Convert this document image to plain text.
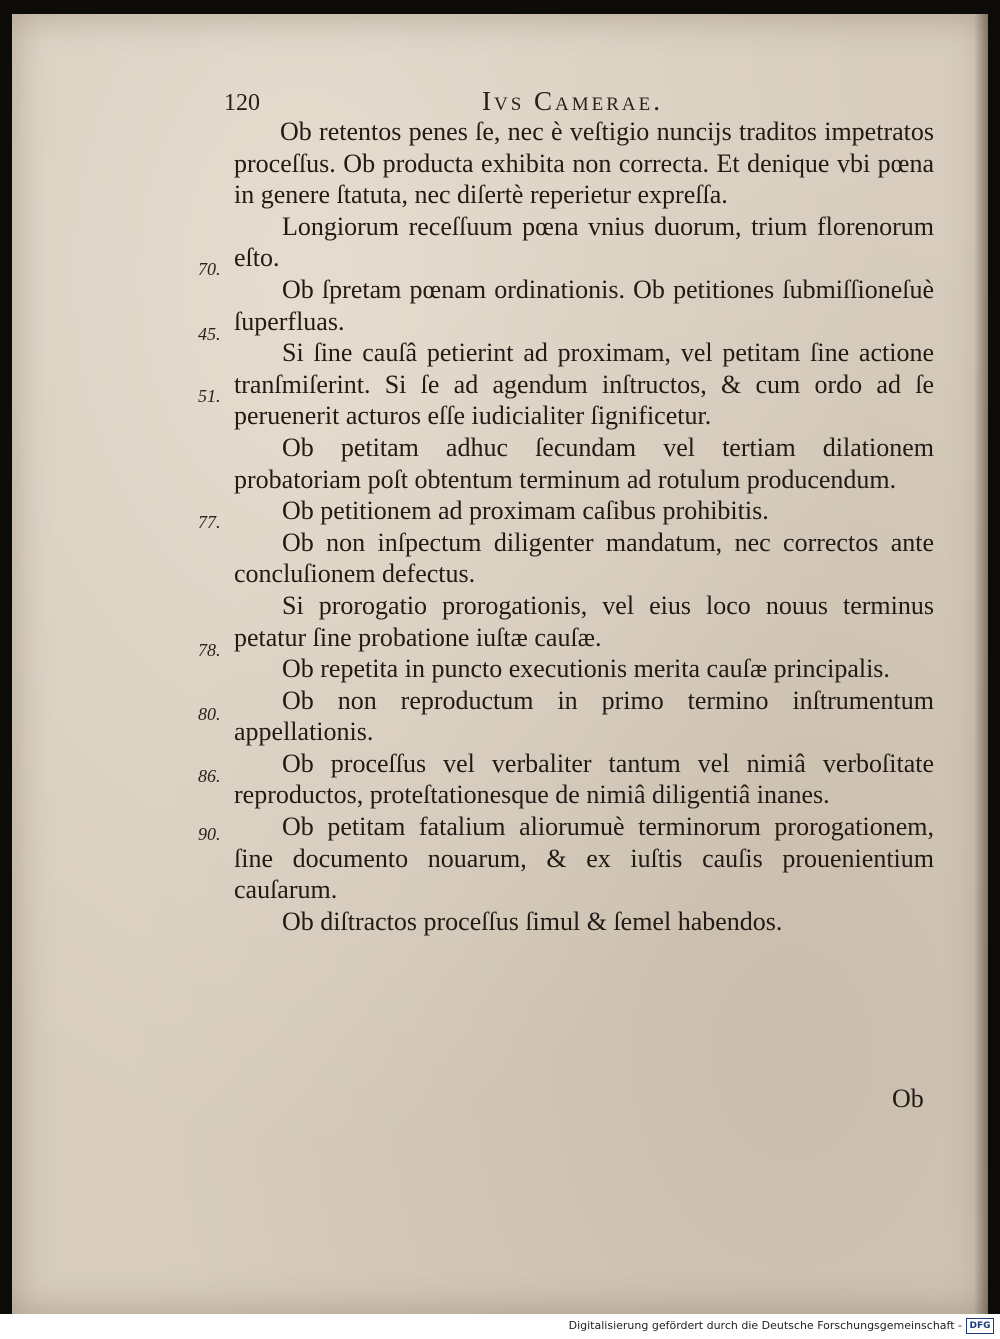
120	Ivs Camerae.

Ob retentos penes ſe, nec è veſtigio nuncijs traditos impetratos proceſſus. Ob producta exhibita non correcta. Et denique vbi pœna in genere ſtatuta, nec diſertè reperietur expreſſa.

Longiorum receſſuum pœna vnius duorum, trium florenorum eſto.

Ob ſpretam pœnam ordinationis. Ob petitiones ſubmiſſioneſuè ſuperfluas.

Si ſine cauſâ petierint ad proximam, vel petitam ſine actione tranſmiſerint. Si ſe ad agendum inſtructos, & cum ordo ad ſe peruenerit acturos eſſe iudicialiter ſignificetur.

Ob petitam adhuc ſecundam vel tertiam dilationem probatoriam poſt obtentum terminum ad rotulum producendum.

Ob petitionem ad proximam caſibus prohibitis.

Ob non inſpectum diligenter mandatum, nec correctos ante concluſionem defectus.

Si prorogatio prorogationis, vel eius loco nouus terminus petatur ſine probatione iuſtæ cauſæ.

Ob repetita in puncto executionis merita cauſæ principalis.

Ob non reproductum in primo termino inſtrumentum appellationis.

Ob proceſſus vel verbaliter tantum vel nimiâ verboſitate reproductos, proteſtationesque de nimiâ diligentiâ inanes.

Ob petitam fatalium aliorumuè terminorum prorogationem, ſine documento nouarum, & ex iuſtis cauſis prouenientium cauſarum.

Ob diſtractos proceſſus ſimul & ſemel habendos.

70.
45.
51.
77.
78.
80.
86.
90.
Ob
Digitalisierung gefördert durch die Deutsche Forschungsgemeinschaft - DFG
